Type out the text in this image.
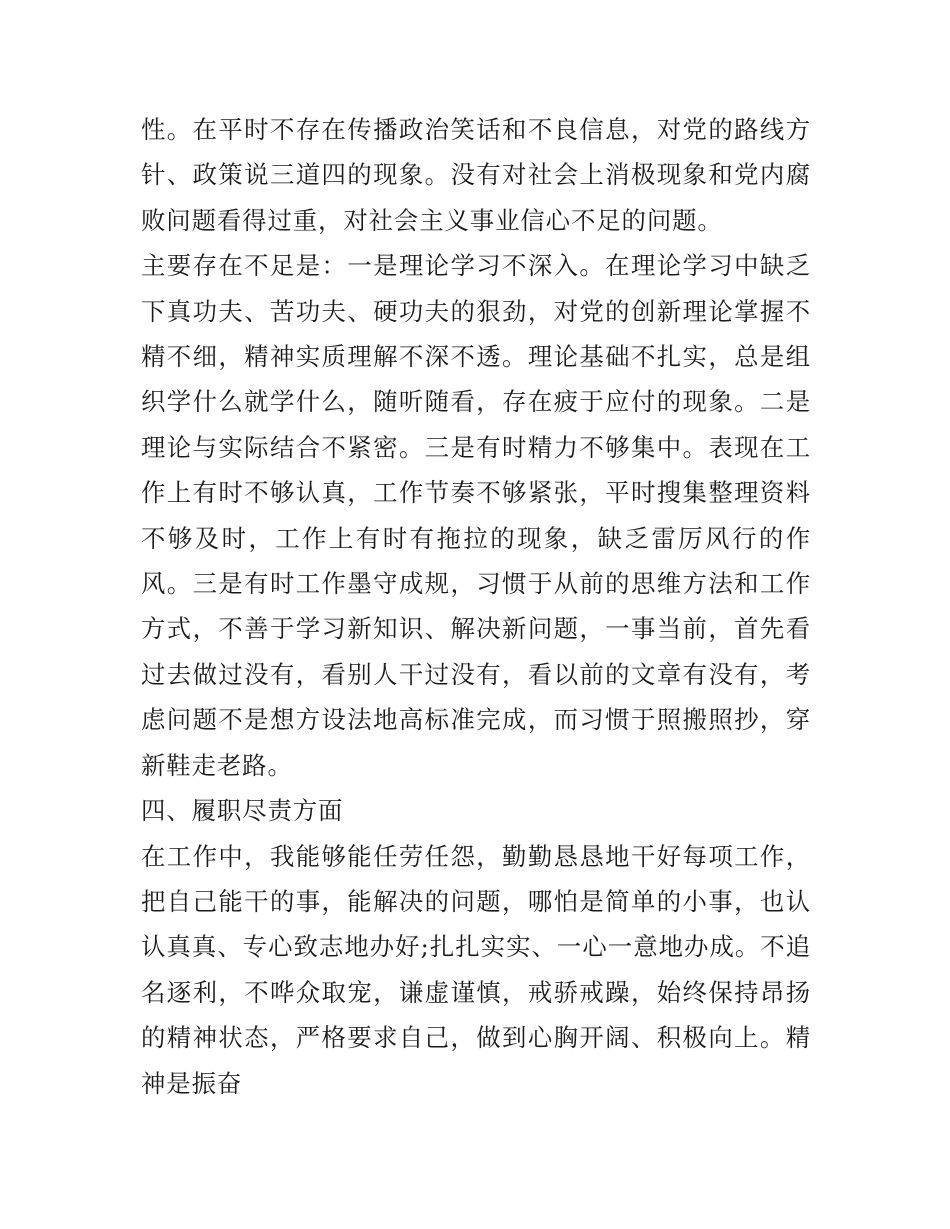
性。在平时不存在传播政治笑话和不良信息，对党的路线方针、政策说三道四的现象。没有对社会上消极现象和党内腐败问题看得过重，对社会主义事业信心不足的问题。

主要存在不足是：一是理论学习不深入。在理论学习中缺乏下真功夫、苦功夫、硬功夫的狠劲，对党的创新理论掌握不精不细，精神实质理解不深不透。理论基础不扎实，总是组织学什么就学什么，随听随看，存在疲于应付的现象。二是理论与实际结合不紧密。三是有时精力不够集中。表现在工作上有时不够认真，工作节奏不够紧张，平时搜集整理资料不够及时，工作上有时有拖拉的现象，缺乏雷厉风行的作风。三是有时工作墨守成规，习惯于从前的思维方法和工作方式，不善于学习新知识、解决新问题，一事当前，首先看过去做过没有，看别人干过没有，看以前的文章有没有，考虑问题不是想方设法地高标准完成，而习惯于照搬照抄，穿新鞋走老路。

四、履职尽责方面

在工作中，我能够能任劳任怨，勤勤恳恳地干好每项工作，把自己能干的事，能解决的问题，哪怕是简单的小事，也认认真真、专心致志地办好;扎扎实实、一心一意地办成。不追名逐利，不哗众取宠，谦虚谨慎，戒骄戒躁，始终保持昂扬的精神状态，严格要求自己，做到心胸开阔、积极向上。精神是振奋
